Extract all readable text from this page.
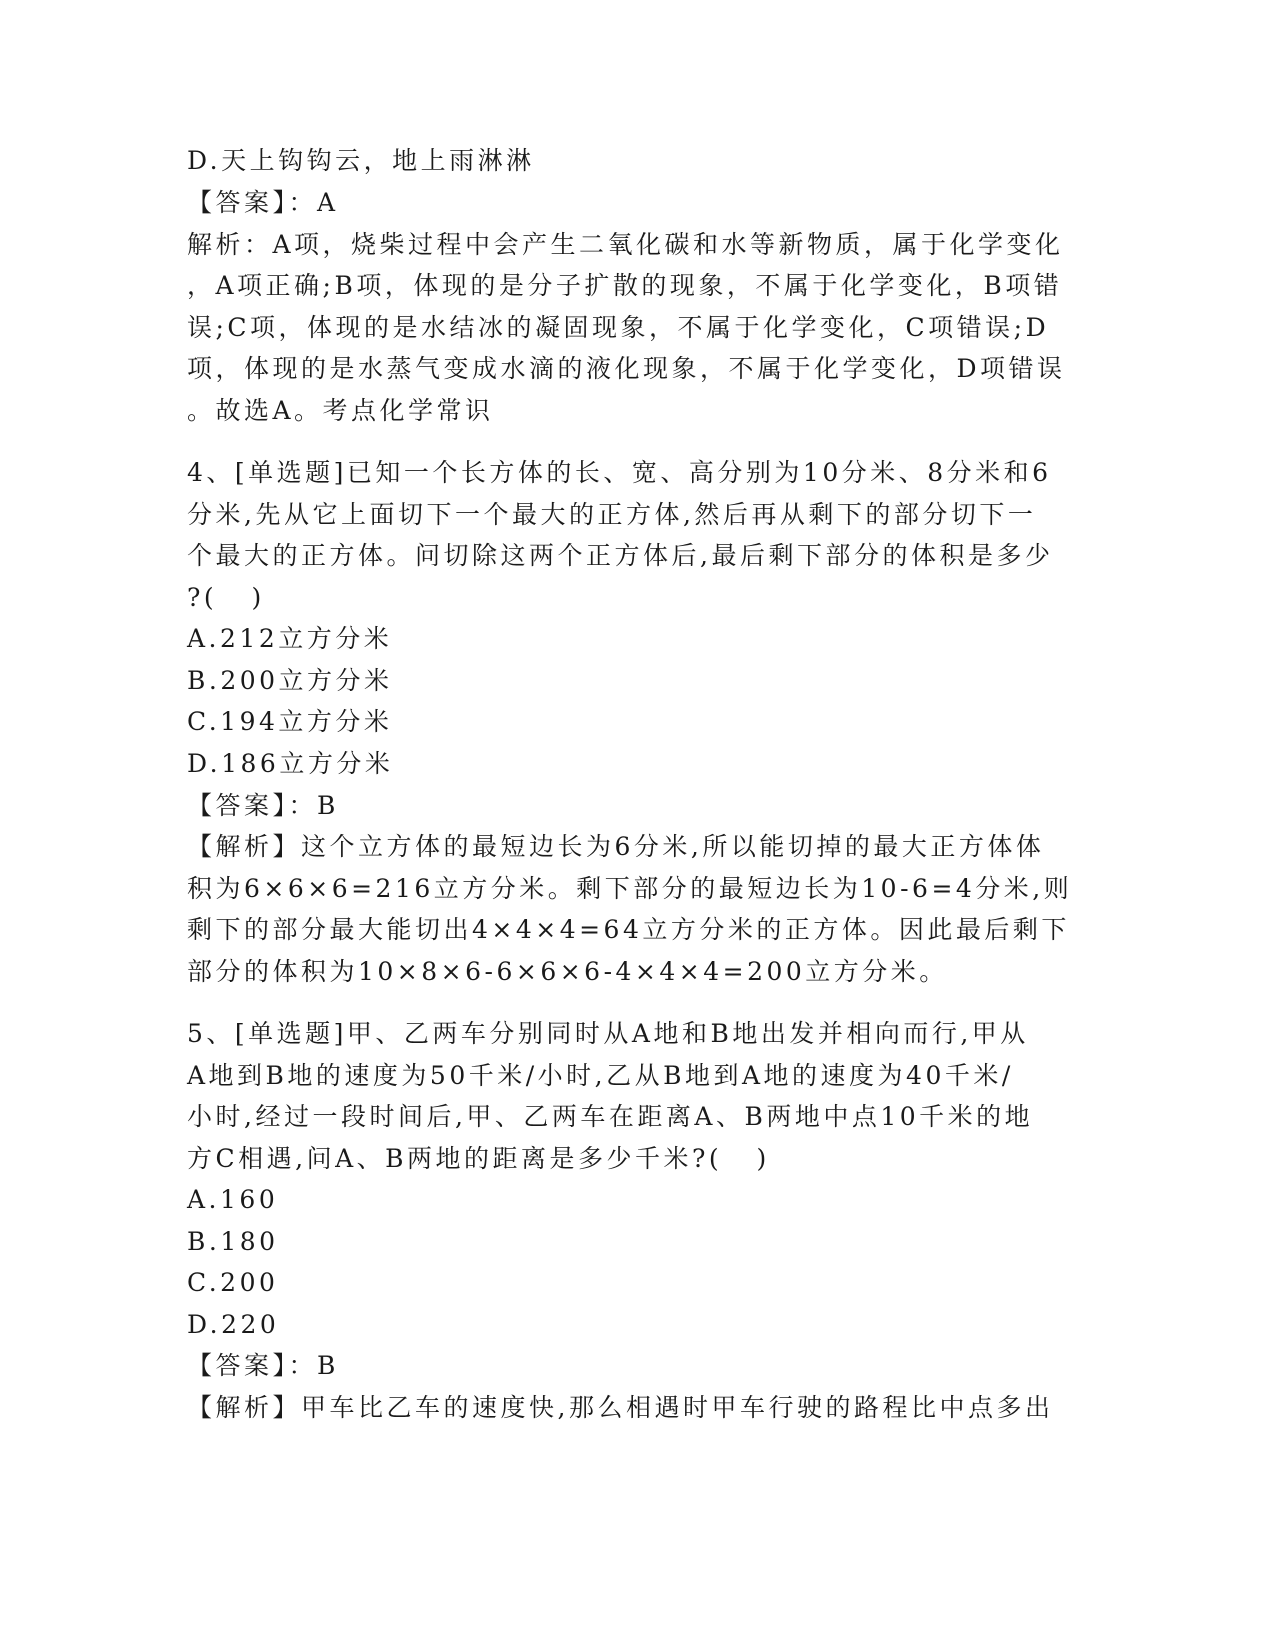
D.天上钩钩云，地上雨淋淋
【答案】：A
解析：A项，烧柴过程中会产生二氧化碳和水等新物质，属于化学变化
，A项正确;B项，体现的是分子扩散的现象，不属于化学变化，B项错
误;C项，体现的是水结冰的凝固现象，不属于化学变化，C项错误;D
项，体现的是水蒸气变成水滴的液化现象，不属于化学变化，D项错误
。故选A。考点化学常识
4、[单选题]已知一个长方体的长、宽、高分别为10分米、8分米和6
分米,先从它上面切下一个最大的正方体,然后再从剩下的部分切下一
个最大的正方体。问切除这两个正方体后,最后剩下部分的体积是多少
?(   )
A.212立方分米
B.200立方分米
C.194立方分米
D.186立方分米
【答案】：B
【解析】这个立方体的最短边长为6分米,所以能切掉的最大正方体体
积为6×6×6=216立方分米。剩下部分的最短边长为10-6=4分米,则
剩下的部分最大能切出4×4×4=64立方分米的正方体。因此最后剩下
部分的体积为10×8×6-6×6×6-4×4×4=200立方分米。
5、[单选题]甲、乙两车分别同时从A地和B地出发并相向而行,甲从
A地到B地的速度为50千米/小时,乙从B地到A地的速度为40千米/
小时,经过一段时间后,甲、乙两车在距离A、B两地中点10千米的地
方C相遇,问A、B两地的距离是多少千米?(   )
A.160
B.180
C.200
D.220
【答案】：B
【解析】甲车比乙车的速度快,那么相遇时甲车行驶的路程比中点多出
